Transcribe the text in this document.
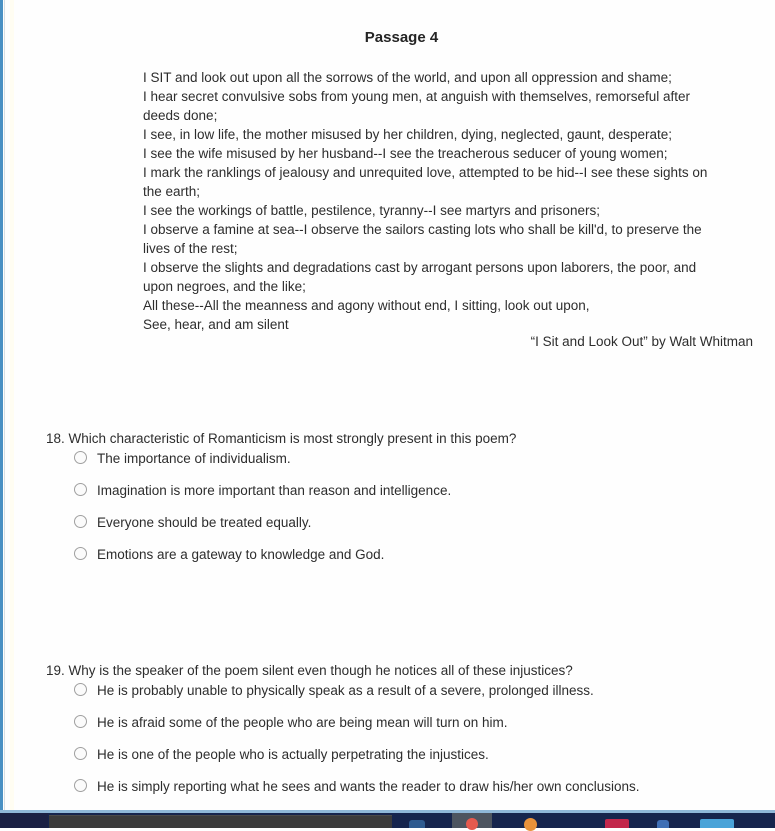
Passage 4
I SIT and look out upon all the sorrows of the world, and upon all oppression and shame;
I hear secret convulsive sobs from young men, at anguish with themselves, remorseful after
deeds done;
I see, in low life, the mother misused by her children, dying, neglected, gaunt, desperate;
I see the wife misused by her husband--I see the treacherous seducer of young women;
I mark the ranklings of jealousy and unrequited love, attempted to be hid--I see these sights on
the earth;
I see the workings of battle, pestilence, tyranny--I see martyrs and prisoners;
I observe a famine at sea--I observe the sailors casting lots who shall be kill'd, to preserve the
lives of the rest;
I observe the slights and degradations cast by arrogant persons upon laborers, the poor, and
upon negroes, and the like;
All these--All the meanness and agony without end, I sitting, look out upon,
See, hear, and am silent
“I Sit and Look Out” by Walt Whitman
18. Which characteristic of Romanticism is most strongly present in this poem?
The importance of individualism.
Imagination is more important than reason and intelligence.
Everyone should be treated equally.
Emotions are a gateway to knowledge and God.
19. Why is the speaker of the poem silent even though he notices all of these injustices?
He is probably unable to physically speak as a result of a severe, prolonged illness.
He is afraid some of the people who are being mean will turn on him.
He is one of the people who is actually perpetrating the injustices.
He is simply reporting what he sees and wants the reader to draw his/her own conclusions.
